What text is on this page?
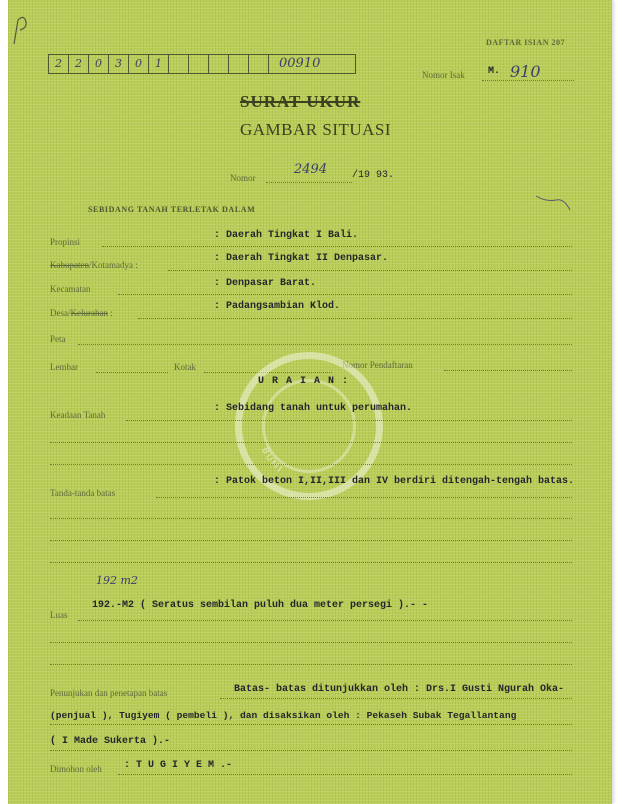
DAFTAR ISIAN 207
2	2	0	3	0	1	00910
Nomor Isak M. 910
SURAT UKUR
GAMBAR SITUASI
Nomor
2494 /19 93.
SEBIDANG TANAH TERLETAK DALAM
Propinsi
: Daerah Tingkat I Bali.
Kabupaten/Kotamadya :
: Daerah Tingkat II Denpasar.
Kecamatan	: Denpasar Barat.
Desa/Kelurahan :
: Padangsambian Klod.
Peta
Lembar	Kotak	Nomor Pendaftaran
BUMI
U R A I A N :
Keadaan Tanah
: Sebidang tanah untuk perumahan.
Tanda-tanda batas
: Patok beton I,II,III dan IV berdiri ditengah-tengah batas.
192 m2
Luas
192.-M2 ( Seratus sembilan puluh dua meter persegi ).- -
Penunjukan dan penetapan batas	Batas- batas ditunjukkan oleh : Drs.I Gusti Ngurah Oka-
(penjual ), Tugiyem ( pembeli ), dan disaksikan oleh : Pekaseh Subak Tegallantang
( I Made Sukerta ).-
Dimohon oleh : T U G I Y E M .-
